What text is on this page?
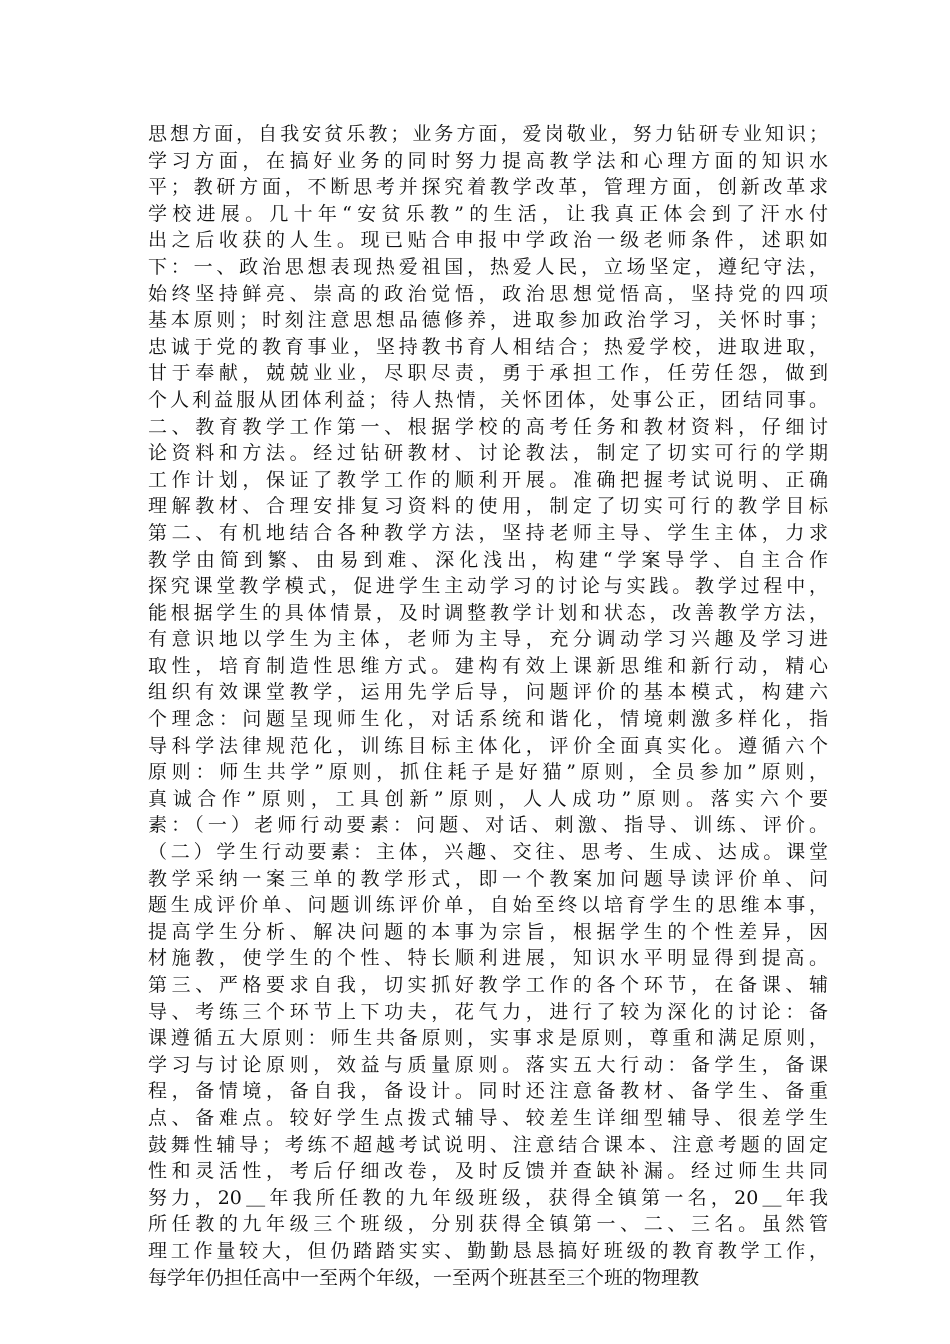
思想方面，自我安贫乐教；业务方面，爱岗敬业，努力钻研专业知识；
学习方面，在搞好业务的同时努力提高教学法和心理方面的知识水
平；教研方面，不断思考并探究着教学改革，管理方面，创新改革求
学校进展。几十年“安贫乐教”的生活，让我真正体会到了汗水付
出之后收获的人生。现已贴合申报中学政治一级老师条件，述职如
下：一、政治思想表现热爱祖国，热爱人民，立场坚定，遵纪守法，
始终坚持鲜亮、崇高的政治觉悟，政治思想觉悟高，坚持党的四项
基本原则；时刻注意思想品德修养，进取参加政治学习，关怀时事；
忠诚于党的教育事业，坚持教书育人相结合；热爱学校，进取进取，
甘于奉献，兢兢业业，尽职尽责，勇于承担工作，任劳任怨，做到
个人利益服从团体利益；待人热情，关怀团体，处事公正，团结同事。
二、教育教学工作第一、根据学校的高考任务和教材资料，仔细讨
论资料和方法。经过钻研教材、讨论教法，制定了切实可行的学期
工作计划，保证了教学工作的顺利开展。准确把握考试说明、正确
理解教材、合理安排复习资料的使用，制定了切实可行的教学目标
第二、有机地结合各种教学方法，坚持老师主导、学生主体，力求
教学由简到繁、由易到难、深化浅出，构建“学案导学、自主合作
探究课堂教学模式，促进学生主动学习的讨论与实践。教学过程中，
能根据学生的具体情景，及时调整教学计划和状态，改善教学方法，
有意识地以学生为主体，老师为主导，充分调动学习兴趣及学习进
取性，培育制造性思维方式。建构有效上课新思维和新行动，精心
组织有效课堂教学，运用先学后导，问题评价的基本模式，构建六
个理念：问题呈现师生化，对话系统和谐化，情境刺激多样化，指
导科学法律规范化，训练目标主体化，评价全面真实化。遵循六个
原则：师生共学”原则，抓住耗子是好猫”原则，全员参加”原则，
真诚合作”原则，工具创新”原则，人人成功”原则。落实六个要
素：（一）老师行动要素：问题、对话、刺激、指导、训练、评价。
（二）学生行动要素：主体，兴趣、交往、思考、生成、达成。课堂
教学采纳一案三单的教学形式，即一个教案加问题导读评价单、问
题生成评价单、问题训练评价单，自始至终以培育学生的思维本事，
提高学生分析、解决问题的本事为宗旨，根据学生的个性差异，因
材施教，使学生的个性、特长顺利进展，知识水平明显得到提高。
第三、严格要求自我，切实抓好教学工作的各个环节，在备课、辅
导、考练三个环节上下功夫，花气力，进行了较为深化的讨论：备
课遵循五大原则：师生共备原则，实事求是原则，尊重和满足原则，
学习与讨论原则，效益与质量原则。落实五大行动：备学生，备课
程，备情境，备自我，备设计。同时还注意备教材、备学生、备重
点、备难点。较好学生点拨式辅导、较差生详细型辅导、很差学生
鼓舞性辅导；考练不超越考试说明、注意结合课本、注意考题的固定
性和灵活性，考后仔细改卷，及时反馈并查缺补漏。经过师生共同
努力，20＿年我所任教的九年级班级，获得全镇第一名，20＿年我
所任教的九年级三个班级，分别获得全镇第一、二、三名。虽然管
理工作量较大，但仍踏踏实实、勤勤恳恳搞好班级的教育教学工作，
每学年仍担任高中一至两个年级，一至两个班甚至三个班的物理教
